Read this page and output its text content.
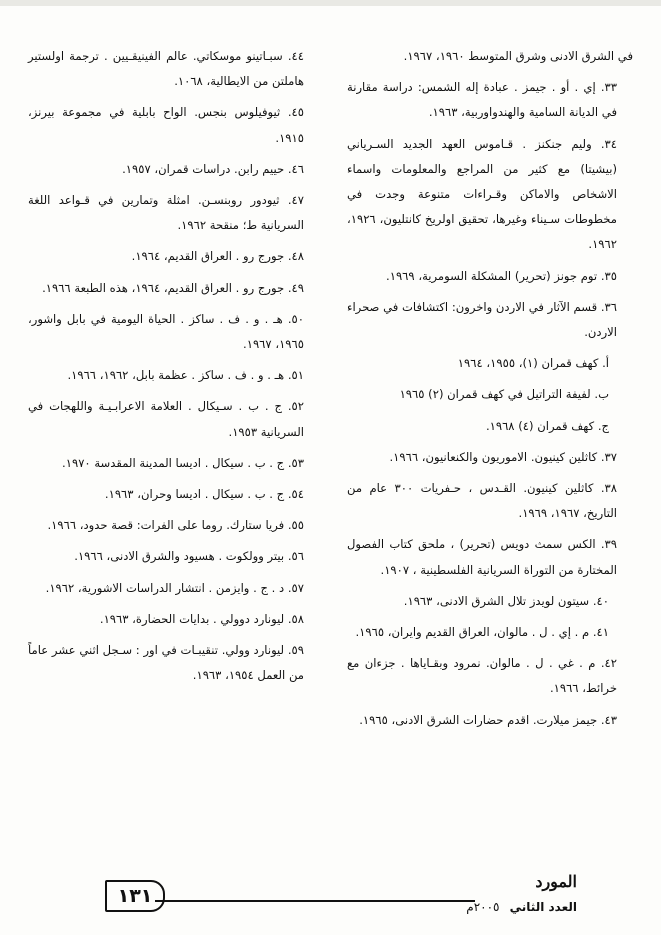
في الشرق الادنى وشرق المتوسط ١٩٦٠، ١٩٦٧.
٣٣. إي . أو . جيمز . عبادة إله الشمس: دراسة مقارنة في الديانة السامية والهندواوربية، ١٩٦٣.
٣٤. وليم جنكنز . قـاموس العهد الجديد السـرياني (بيشيتا) مع كثير من المراجع والمعلومات واسماء الاشخاص والاماكن وقـراءات متنوعة وجدت في مخطوطات سـيناء وغيرها، تحقيق اولريخ كانتليون، ١٩٢٦، ١٩٦٢.
٣٥. توم جونز (تحرير) المشكلة السومرية، ١٩٦٩.
٣٦. قسم الآثار في الاردن واخرون: اكتشافات في صحراء الاردن.
أ. كهف قمران (١)، ١٩٥٥، ١٩٦٤
ب. لفيفة التراتيل في كهف قمران (٢) ١٩٦٥
ج. كهف قمران (٤) ١٩٦٨.
٣٧. كاثلين كينيون. الاموريون والكنعانيون، ١٩٦٦.
٣٨. كاثلين كينيون. القـدس ، حـفريات ٣٠٠ عام من التاريخ، ١٩٦٧، ١٩٦٩.
٣٩. الكس سمث دويس (تحرير) ، ملحق كتاب الفصول المختارة من التوراة السريانية الفلسطينية ، ١٩٠٧.
٤٠. سيتون لويدز تلال الشرق الادنى، ١٩٦٣.
٤١. م . إي . ل . مالوان، العراق القديم وايران، ١٩٦٥.
٤٢. م . غي . ل . مالوان. نمرود وبقـاياها . جزءان مع خرائط، ١٩٦٦.
٤٣. جيمز ميلارت. اقدم حضارات الشرق الادنى، ١٩٦٥.
٤٤. سبـاتينو موسكاتي. عالم الفينيقـيين . ترجمة اولستير هاملتن من الايطالية، ١٠٦٨.
٤٥. ثيوفيلوس بنجس. الواح بابلية في مجموعة بيرنز، ١٩١٥.
٤٦. حييم رابن. دراسات قمران، ١٩٥٧.
٤٧. ثيودور روبنسـن. امثلة وتمارين في قـواعد اللغة السريانية ط؛ منقحة ١٩٦٢.
٤٨. جورج رو . العراق القديم، ١٩٦٤.
٤٩. جورج رو . العراق القديم، ١٩٦٤، هذه الطبعة ١٩٦٦.
٥٠. هـ . و . ف . ساكز . الحياة اليومية في بابل واشور، ١٩٦٥، ١٩٦٧.
٥١. هـ . و . ف . ساكز . عظمة بابل، ١٩٦٢، ١٩٦٦.
٥٢. ج . ب . سـيكال . العلامة الاعرابـيـة واللهجات في السريانية ١٩٥٣.
٥٣. ج . ب . سيكال . اديسا المدينة المقدسة ١٩٧٠.
٥٤. ج . ب . سيكال . اديسا وحران، ١٩٦٣.
٥٥. فريا ستارك. روما على الفرات: قصة حدود، ١٩٦٦.
٥٦. بيتر وولكوت . هسيود والشرق الادنى، ١٩٦٦.
٥٧. د . ج . وايزمن . انتشار الدراسات الاشورية، ١٩٦٢.
٥٨. ليونارد دوولي . بدايات الحضارة، ١٩٦٣.
٥٩. ليونارد وولي. تنقيبـات في اور : سـجل اثني عشر عاماً من العمل ١٩٥٤، ١٩٦٣.
١٣١
المورد
العدد الثاني ٢٠٠٥م
